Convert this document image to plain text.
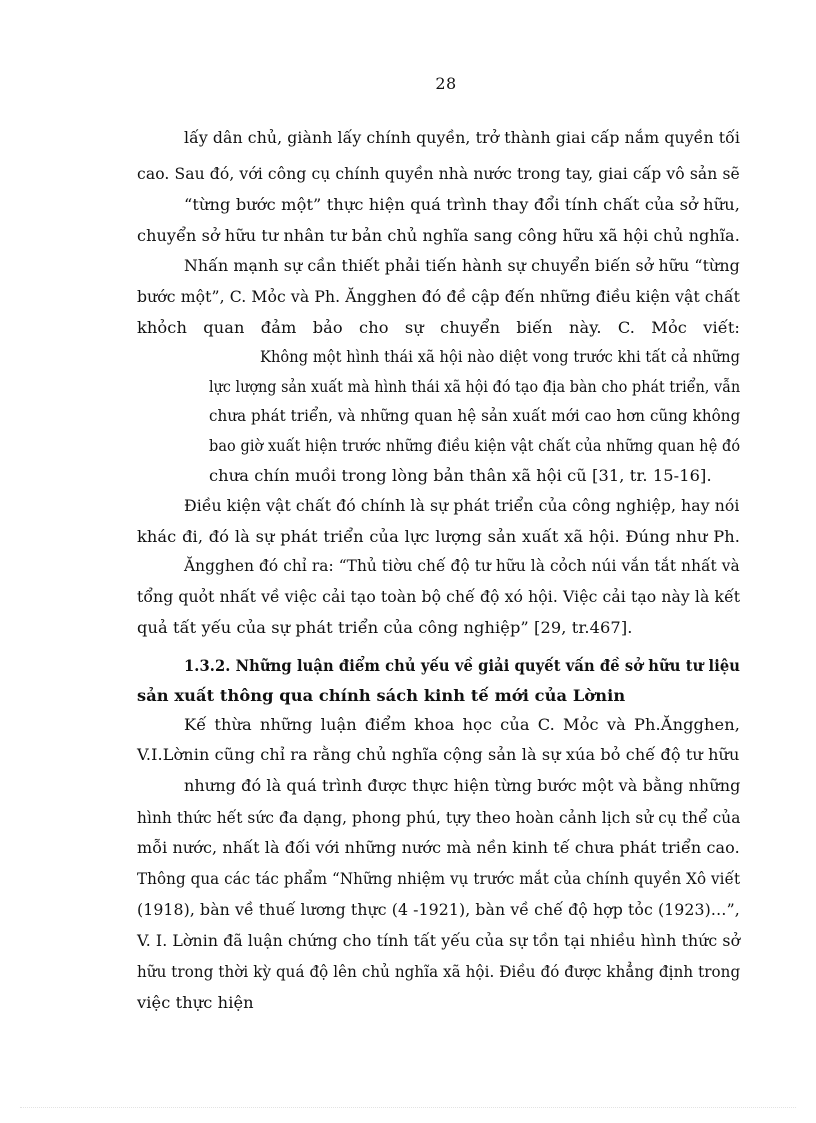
28
lấy dân chủ, giành lấy chính quyền, trở thành giai cấp nắm quyền tối
cao. Sau đó, với công cụ chính quyền nhà nước trong tay, giai cấp vô sản sẽ
“từng bước một” thực hiện quá trình thay đổi tính chất của sở hữu,
chuyển sở hữu tư nhân tư bản chủ nghĩa sang công hữu xã hội chủ nghĩa.
Nhấn mạnh sự cần thiết phải tiến hành sự chuyển biến sở hữu “từng
bước một”, C. Mỏc và Ph. Ăngghen đó đề cập đến những điều kiện vật chất
khỏch quan đảm bảo cho sự chuyển biến này. C. Mỏc viết:
Không một hình thái xã hội nào diệt vong trước khi tất cả những
lực lượng sản xuất mà hình thái xã hội đó tạo địa bàn cho phát triển, vẫn
chưa phát triển, và những quan hệ sản xuất mới cao hơn cũng không
bao giờ xuất hiện trước những điều kiện vật chất của những quan hệ đó
chưa chín muồi trong lòng bản thân xã hội cũ [31, tr. 15-16].
Điều kiện vật chất đó chính là sự phát triển của công nghiệp, hay nói
khác đi, đó là sự phát triển của lực lượng sản xuất xã hội. Đúng như Ph.
Ăngghen đó chỉ ra: “Thủ tiờu chế độ tư hữu là cỏch núi vắn tắt nhất và
tổng quỏt nhất về việc cải tạo toàn bộ chế độ xó hội. Việc cải tạo này là kết
quả tất yếu của sự phát triển của công nghiệp” [29, tr.467].
1.3.2. Những luận điểm chủ yếu về giải quyết vấn đề sở hữu tư liệu
sản xuất thông qua chính sách kinh tế mới của Lờnin
Kế thừa những luận điểm khoa học của C. Mỏc và Ph.Ăngghen,
V.I.Lờnin cũng chỉ ra rằng chủ nghĩa cộng sản là sự xúa bỏ chế độ tư hữu
nhưng đó là quá trình được thực hiện từng bước một và bằng những
hình thức hết sức đa dạng, phong phú, tựy theo hoàn cảnh lịch sử cụ thể của
mỗi nước, nhất là đối với những nước mà nền kinh tế chưa phát triển cao.
Thông qua các tác phẩm “Những nhiệm vụ trước mắt của chính quyền Xô viết
(1918), bàn về thuế lương thực (4 -1921), bàn về chế độ hợp tỏc (1923)…”,
V. I. Lờnin đã luận chứng cho tính tất yếu của sự tồn tại nhiều hình thức sở
hữu trong thời kỳ quá độ lên chủ nghĩa xã hội. Điều đó được khẳng định trong
việc thực hiện
